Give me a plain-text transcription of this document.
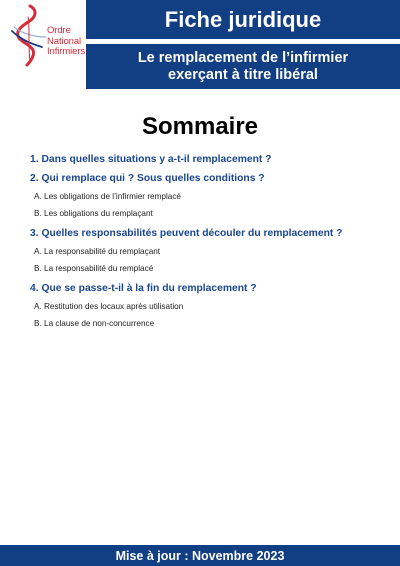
Ordre
National
Infirmiers
Fiche juridique
Le remplacement de l’infirmier
exerçant à titre libéral
Sommaire
1. Dans quelles situations y a-t-il remplacement ?
2. Qui remplace qui ? Sous quelles conditions ?
A. Les obligations de l’infirmier remplacé
B. Les obligations du remplaçant
3. Quelles responsabilités peuvent découler du remplacement ?
A. La responsabilité du remplaçant
B. La responsabilité du remplacé
4. Que se passe-t-il à la fin du remplacement ?
A. Restitution des locaux après utilisation
B. La clause de non-concurrence
Mise à jour : Novembre 2023
